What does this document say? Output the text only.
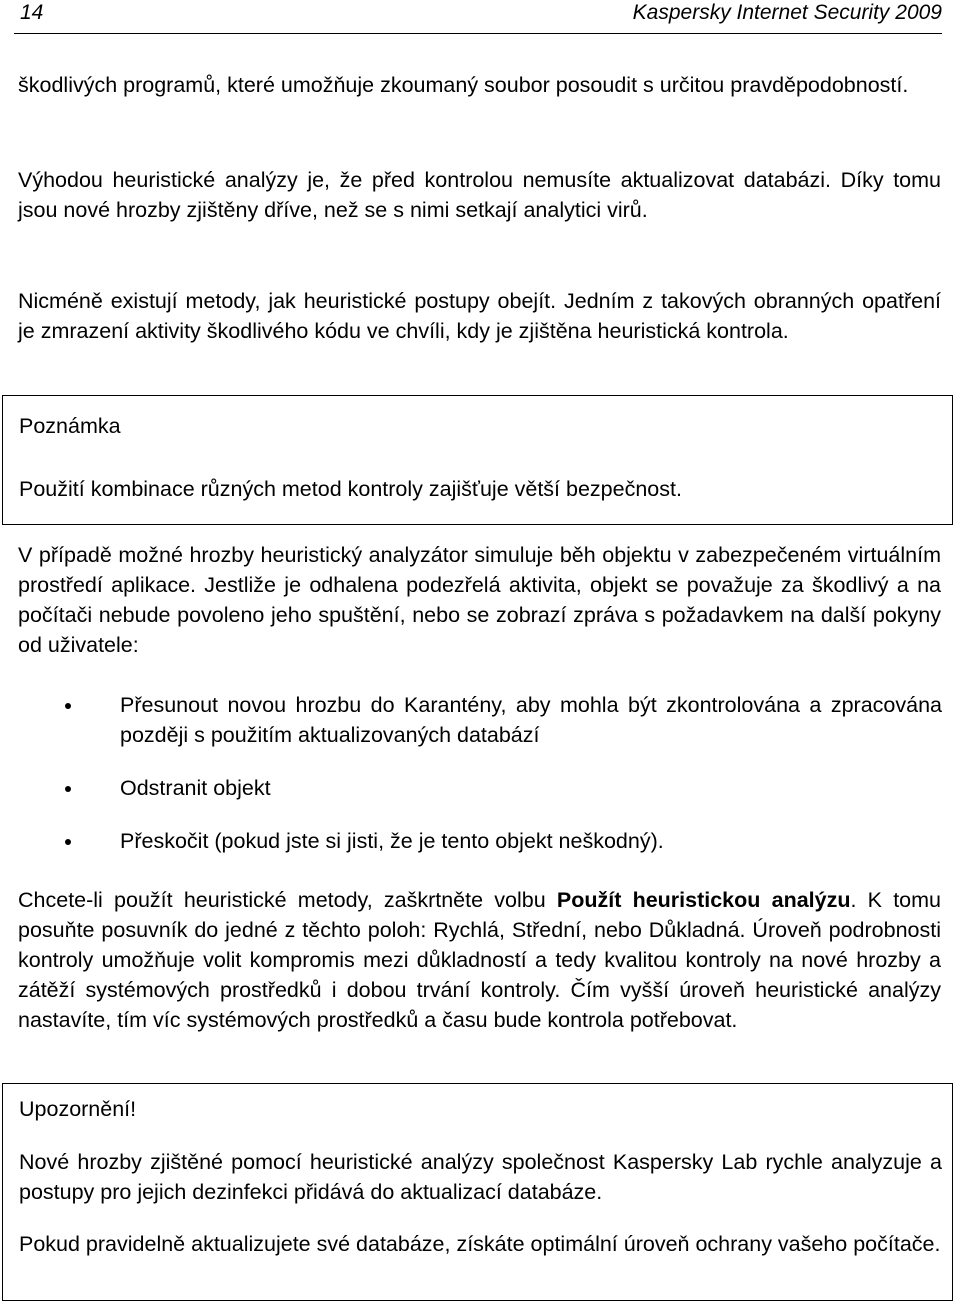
14	Kaspersky Internet Security 2009

škodlivých programů, které umožňuje zkoumaný soubor posoudit s určitou pravděpodobností.

Výhodou heuristické analýzy je, že před kontrolou nemusíte aktualizovat databázi. Díky tomu jsou nové hrozby zjištěny dříve, než se s nimi setkají analytici virů.

Nicméně existují metody, jak heuristické postupy obejít. Jedním z takových obranných opatření je zmrazení aktivity škodlivého kódu ve chvíli, kdy je zjištěna heuristická kontrola.

Poznámka

Použití kombinace různých metod kontroly zajišťuje větší bezpečnost.

V případě možné hrozby heuristický analyzátor simuluje běh objektu v zabezpečeném virtuálním prostředí aplikace. Jestliže je odhalena podezřelá aktivita, objekt se považuje za škodlivý a na počítači nebude povoleno jeho spuštění, nebo se zobrazí zpráva s požadavkem na další pokyny od uživatele:

Přesunout novou hrozbu do Karantény, aby mohla být zkontrolována a zpracována později s použitím aktualizovaných databází
Odstranit objekt
Přeskočit (pokud jste si jisti, že je tento objekt neškodný).

Chcete-li použít heuristické metody, zaškrtněte volbu Použít heuristickou analýzu. K tomu posuňte posuvník do jedné z těchto poloh: Rychlá, Střední, nebo Důkladná. Úroveň podrobnosti kontroly umožňuje volit kompromis mezi důkladností a tedy kvalitou kontroly na nové hrozby a zátěží systémových prostředků i dobou trvání kontroly. Čím vyšší úroveň heuristické analýzy nastavíte, tím víc systémových prostředků a času bude kontrola potřebovat.

Upozornění!

Nové hrozby zjištěné pomocí heuristické analýzy společnost Kaspersky Lab rychle analyzuje a postupy pro jejich dezinfekci přidává do aktualizací databáze.

Pokud pravidelně aktualizujete své databáze, získáte optimální úroveň ochrany vašeho počítače.
